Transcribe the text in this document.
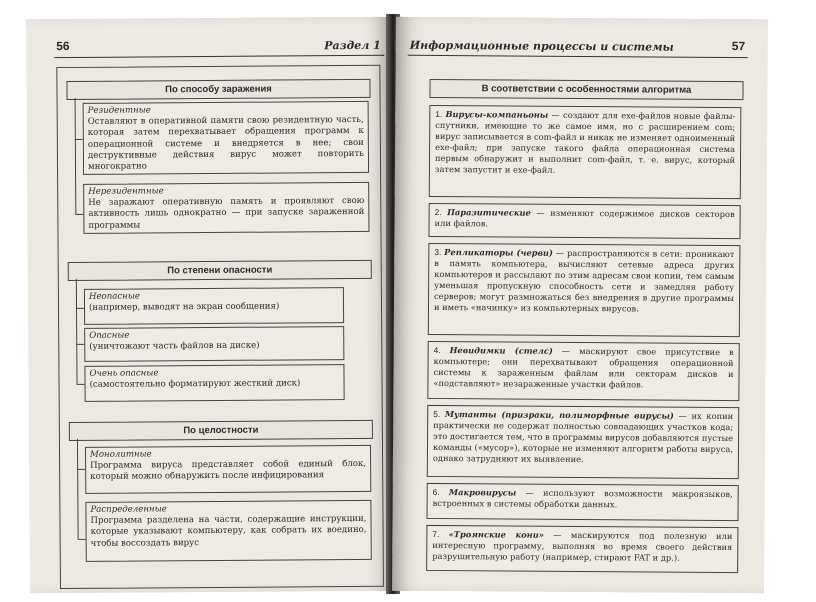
56	Раздел 1
По способу заражения
Резидентные
Оставляют в оперативной памяти свою резидентную часть, которая затем перехватывает обращения программ к операционной системе и внедряется в нее; свои деструктивные действия вирус может повторить многократно
Нерезидентные
Не заражают оперативную память и проявляют свою активность лишь однократно — при запуске зараженной программы
По степени опасности
Неопасные
(например, выводят на экран сообщения)
Опасные
(уничтожают часть файлов на диске)
Очень опасные
(самостоятельно форматируют жесткий диск)
По целостности
Монолитные
Программа вируса представляет собой единый блок, который можно обнаружить после инфицирования
Распределенные
Программа разделена на части, содержащие инструкции, которые указывают компьютеру, как собрать их воедино, чтобы воссоздать вирус
Информационные процессы и системы	57
В соответствии с особенностями алгоритма
1. Вирусы-компаньоны — создают для exe-файлов новые файлы-спутники, имеющие то же самое имя, но с расширением com; вирус записывается в com-файл и никак не изменяет одноименный exe-файл; при запуске такого файла операционная система первым обнаружит и выполнит com-файл, т. е. вирус, который затем запустит и exe-файл.
2. Паразитические — изменяют содержимое дисков секторов или файлов.
3. Репликаторы (черви) — распространяются в сети: проникают в память компьютера, вычисляют сетевые адреса других компьютеров и рассылают по этим адресам свои копии, тем самым уменьшая пропускную способность сети и замедляя работу серверов; могут размножаться без внедрения в другие программы и иметь «начинку» из компьютерных вирусов.
4. Невидимки (стелс) — маскируют свое присутствие в компьютере; они перехватывают обращения операционной системы к зараженным файлам или секторам дисков и «подставляют» незараженные участки файлов.
5. Мутанты (призраки, полиморфные вирусы) — их копии практически не содержат полностью совпадающих участков кода; это достигается тем, что в программы вирусов добавляются пустые команды («мусор»), которые не изменяют алгоритм работы вируса, однако затрудняют их выявление.
6. Макровирусы — используют возможности макроязыков, встроенных в системы обработки данных.
7. «Троянские кони» — маскируются под полезную или интересную программу, выполняя во время своего действия разрушительную работу (например, стирают FAT и др.).
